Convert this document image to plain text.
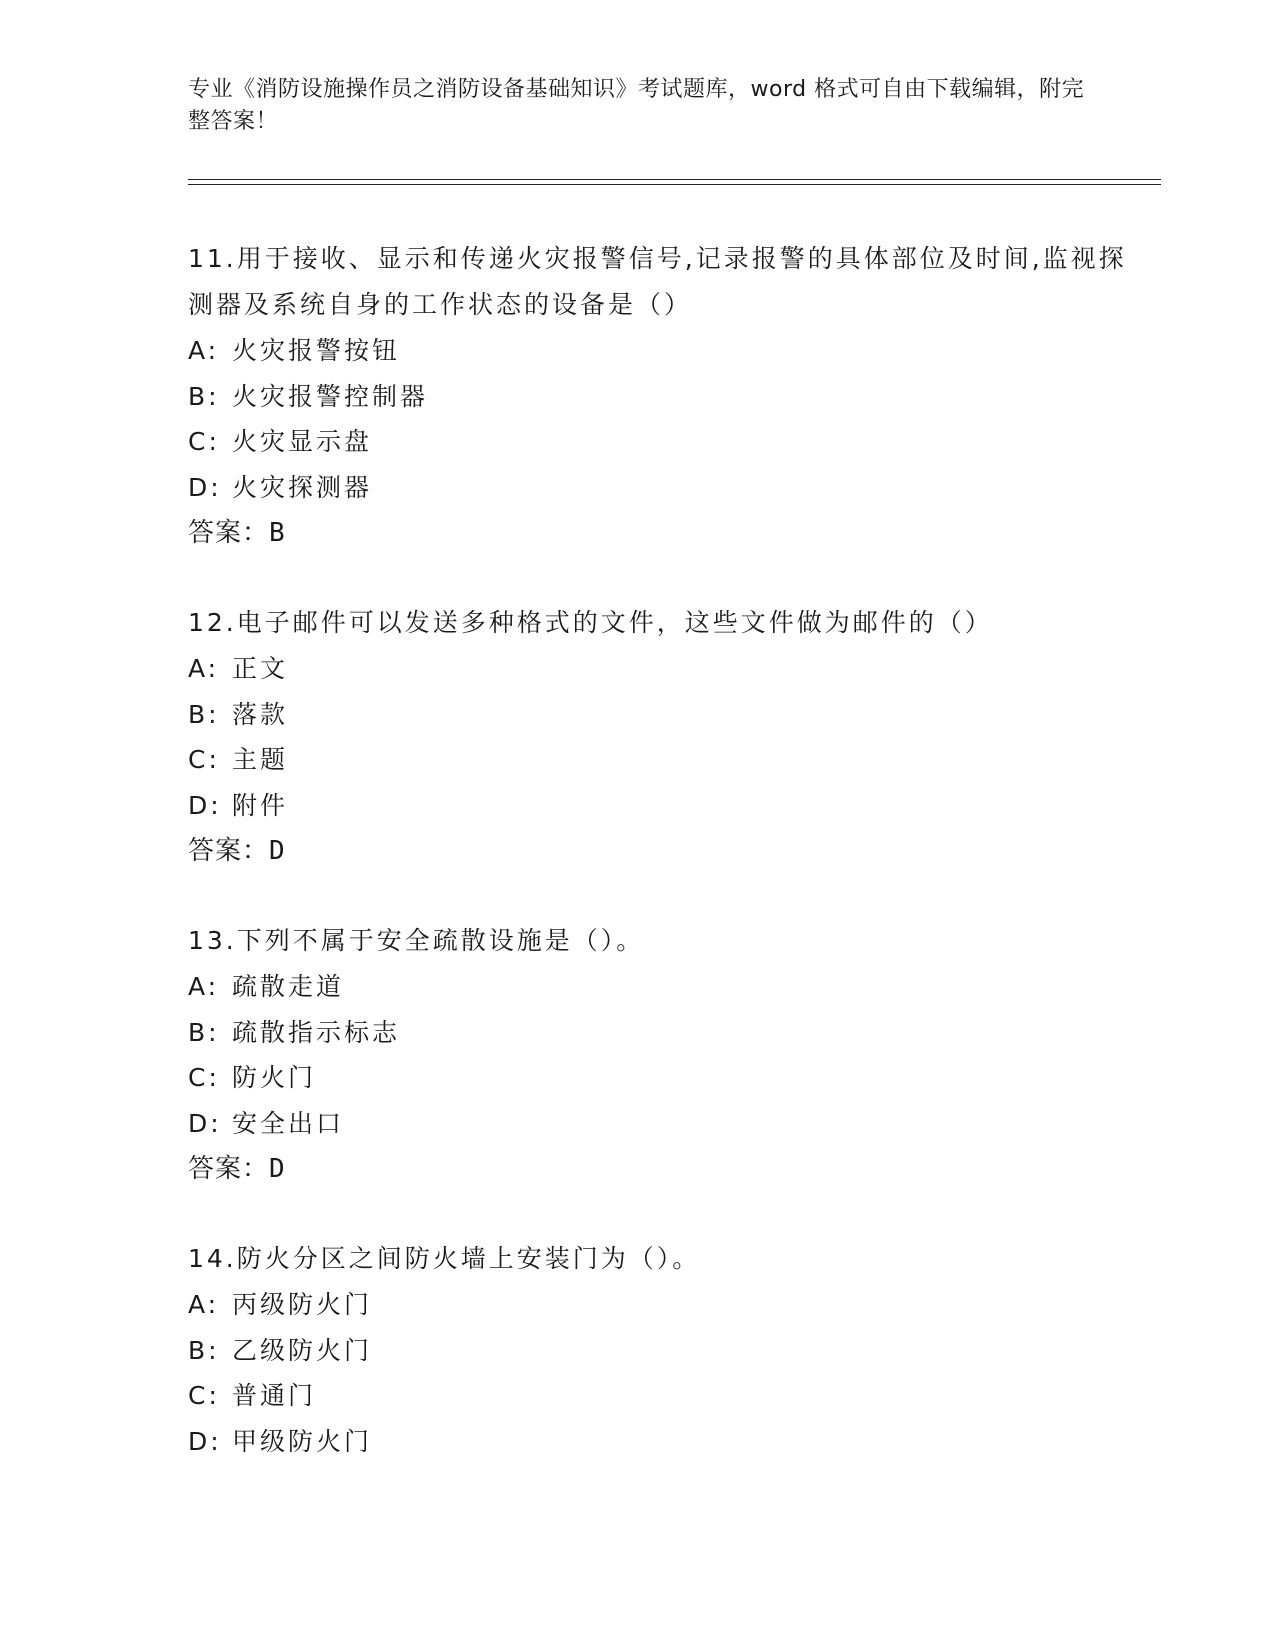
专业《消防设施操作员之消防设备基础知识》考试题库，word 格式可自由下载编辑，附完整答案！
11.用于接收、显示和传递火灾报警信号,记录报警的具体部位及时间,监视探测器及系统自身的工作状态的设备是（）
A: 火灾报警按钮
B: 火灾报警控制器
C: 火灾显示盘
D: 火灾探测器
答案：B
12.电子邮件可以发送多种格式的文件，这些文件做为邮件的（）
A: 正文
B: 落款
C: 主题
D: 附件
答案：D
13.下列不属于安全疏散设施是（）。
A: 疏散走道
B: 疏散指示标志
C: 防火门
D: 安全出口
答案：D
14.防火分区之间防火墙上安装门为（）。
A: 丙级防火门
B: 乙级防火门
C: 普通门
D: 甲级防火门
